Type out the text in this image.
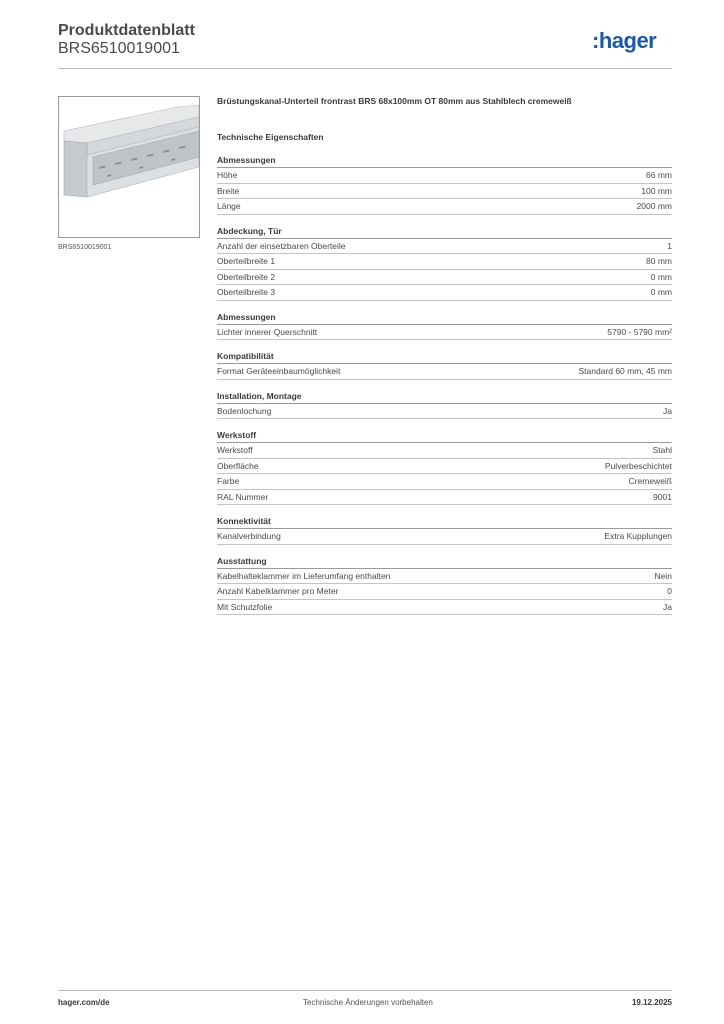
Produktdatenblatt
BRS6510019001	:hager
BRS6510019001
Brüstungskanal-Unterteil frontrast BRS 68x100mm OT 80mm aus Stahlblech cremeweiß
Technische Eigenschaften
Abmessungen
Höhe	66 mm
Breite	100 mm
Länge	2000 mm
Abdeckung, Tür
Anzahl der einsetzbaren Oberteile	1
Oberteilbreite 1	80 mm
Oberteilbreite 2	0 mm
Oberteilbreite 3	0 mm
Abmessungen
Lichter innerer Querschnitt	5790 - 5790 mm²
Kompatibilität
Format Geräteeinbaumöglichkeit	Standard 60 mm, 45 mm
Installation, Montage
Bodenlochung	Ja
Werkstoff
Werkstoff	Stahl
Oberfläche	Pulverbeschichtet
Farbe	Cremeweiß
RAL Nummer	9001
Konnektivität
Kanalverbindung	Extra Kupplungen
Ausstattung
Kabelhalteklammer im Lieferumfang enthalten	Nein
Anzahl Kabelklammer pro Meter	0
Mit Schutzfolie	Ja
hager.com/de	Technische Änderungen vorbehalten	19.12.2025
